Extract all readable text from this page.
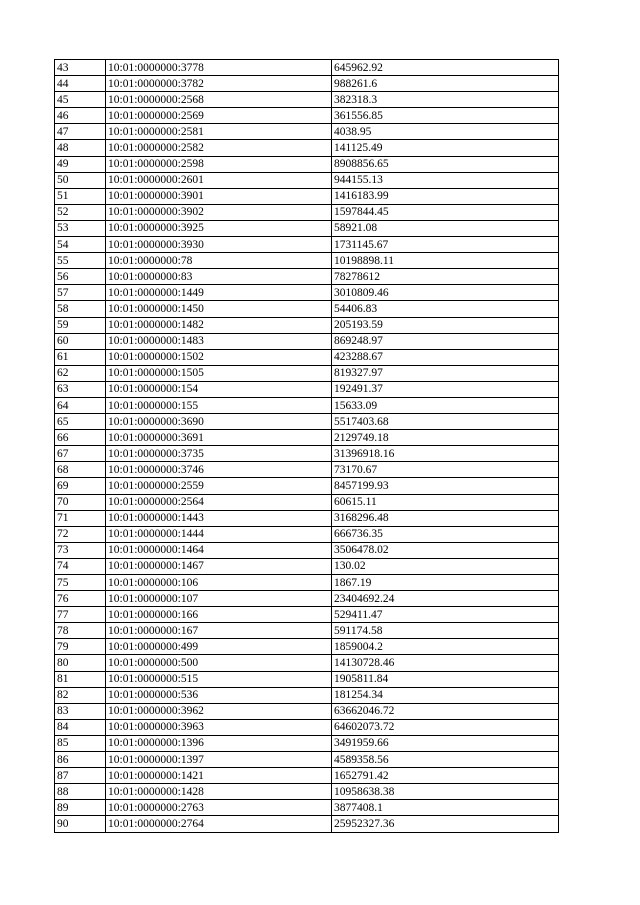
43	10:01:0000000:3778	645962.92
44	10:01:0000000:3782	988261.6
45	10:01:0000000:2568	382318.3
46	10:01:0000000:2569	361556.85
47	10:01:0000000:2581	4038.95
48	10:01:0000000:2582	141125.49
49	10:01:0000000:2598	8908856.65
50	10:01:0000000:2601	944155.13
51	10:01:0000000:3901	1416183.99
52	10:01:0000000:3902	1597844.45
53	10:01:0000000:3925	58921.08
54	10:01:0000000:3930	1731145.67
55	10:01:0000000:78	10198898.11
56	10:01:0000000:83	78278612
57	10:01:0000000:1449	3010809.46
58	10:01:0000000:1450	54406.83
59	10:01:0000000:1482	205193.59
60	10:01:0000000:1483	869248.97
61	10:01:0000000:1502	423288.67
62	10:01:0000000:1505	819327.97
63	10:01:0000000:154	192491.37
64	10:01:0000000:155	15633.09
65	10:01:0000000:3690	5517403.68
66	10:01:0000000:3691	2129749.18
67	10:01:0000000:3735	31396918.16
68	10:01:0000000:3746	73170.67
69	10:01:0000000:2559	8457199.93
70	10:01:0000000:2564	60615.11
71	10:01:0000000:1443	3168296.48
72	10:01:0000000:1444	666736.35
73	10:01:0000000:1464	3506478.02
74	10:01:0000000:1467	130.02
75	10:01:0000000:106	1867.19
76	10:01:0000000:107	23404692.24
77	10:01:0000000:166	529411.47
78	10:01:0000000:167	591174.58
79	10:01:0000000:499	1859004.2
80	10:01:0000000:500	14130728.46
81	10:01:0000000:515	1905811.84
82	10:01:0000000:536	181254.34
83	10:01:0000000:3962	63662046.72
84	10:01:0000000:3963	64602073.72
85	10:01:0000000:1396	3491959.66
86	10:01:0000000:1397	4589358.56
87	10:01:0000000:1421	1652791.42
88	10:01:0000000:1428	10958638.38
89	10:01:0000000:2763	3877408.1
90	10:01:0000000:2764	25952327.36
